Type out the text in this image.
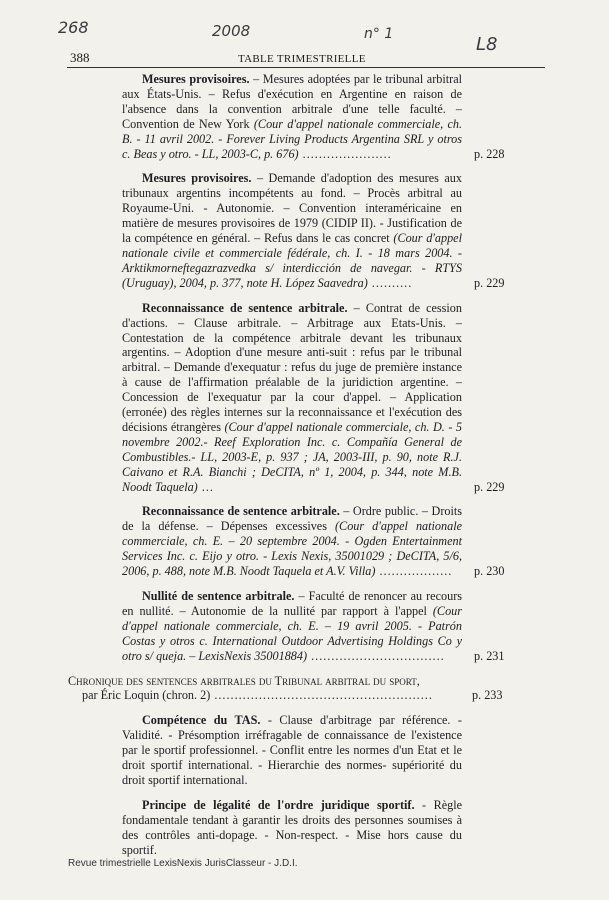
268	2008	n° 1	L8
388	TABLE TRIMESTRIELLE

Mesures provisoires. – Mesures adoptées par le tribunal arbitral aux États-Unis. – Refus d'exécution en Argentine en raison de l'absence dans la convention arbitrale d'une telle faculté. – Convention de New York (Cour d'appel nationale commerciale, ch. B. - 11 avril 2002. - Forever Living Products Argentina SRL y otros c. Beas y otro. - LL, 2003-C, p. 676) ......................	p. 228

Mesures provisoires. – Demande d'adoption des mesures aux tribunaux argentins incompétents au fond. – Procès arbitral au Royaume-Uni. - Autonomie. – Convention interaméricaine en matière de mesures provisoires de 1979 (CIDIP II). - Justification de la compétence en général. – Refus dans le cas concret (Cour d'appel nationale civile et commerciale fédérale, ch. I. - 18 mars 2004. - Arktikmorneftegazrazvedka s/ interdicción de navegar. - RTYS (Uruguay), 2004, p. 377, note H. López Saavedra) ..........	p. 229

Reconnaissance de sentence arbitrale. – Contrat de cession d'actions. – Clause arbitrale. – Arbitrage aux Etats-Unis. – Contestation de la compétence arbitrale devant les tribunaux argentins. – Adoption d'une mesure anti-suit : refus par le tribunal arbitral. – Demande d'exequatur : refus du juge de première instance à cause de l'affirmation préalable de la juridiction argentine. – Concession de l'exequatur par la cour d'appel. – Application (erronée) des règles internes sur la reconnaissance et l'exécution des décisions étrangères (Cour d'appel nationale commerciale, ch. D. - 5 novembre 2002.- Reef Exploration Inc. c. Compañía General de Combustibles.- LL, 2003-E, p. 937 ; JA, 2003-III, p. 90, note R.J. Caivano et R.A. Bianchi ; DeCITA, nº 1, 2004, p. 344, note M.B. Noodt Taquela) ...	p. 229

Reconnaissance de sentence arbitrale. – Ordre public. – Droits de la défense. – Dépenses excessives (Cour d'appel nationale commerciale, ch. E. – 20 septembre 2004. - Ogden Entertainment Services Inc. c. Eijo y otro. - Lexis Nexis, 35001029 ; DeCITA, 5/6, 2006, p. 488, note M.B. Noodt Taquela et A.V. Villa) ..................	p. 230

Nullité de sentence arbitrale. – Faculté de renoncer au recours en nullité. – Autonomie de la nullité par rapport à l'appel (Cour d'appel nationale commerciale, ch. E. – 19 avril 2005. - Patrón Costas y otros c. International Outdoor Advertising Holdings Co y otro s/ queja. – LexisNexis 35001884) .................................	p. 231
Chronique des sentences arbitrales du Tribunal arbitral du sport,
par Éric Loquin (chron. 2) ......................................................	p. 233

Compétence du TAS. - Clause d'arbitrage par référence. - Validité. - Présomption irréfragable de connaissance de l'existence par le sportif professionnel. - Conflit entre les normes d'un Etat et le droit sportif international. - Hierarchie des normes- supériorité du droit sportif international.

Principe de légalité de l'ordre juridique sportif. - Règle fondamentale tendant à garantir les droits des personnes soumises à des contrôles anti-dopage. - Non-respect. - Mise hors cause du sportif.

Revue trimestrielle LexisNexis JurisClasseur - J.D.I.
